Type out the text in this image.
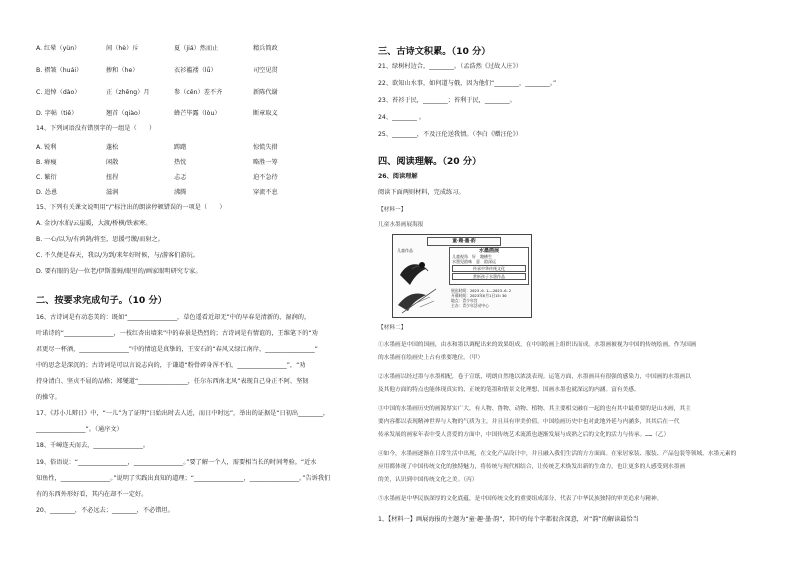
A. 红晕（yùn）	间（hè）斥	夏（jiá）然而止	精兵简政
B. 褶皱（huái）	掺和（he）	衣衫褴褛（lǚ）	司空见贯
C. 追悼（dào）	正（zhēng）月	参（cēn）差不齐	新陈代谢
D. 字帖（tiē）	翘首（qiào）	蜂芒毕露（lòu）	断章取义
14、下列词语没有错别字的一组是（　　）
A. 锐利	蓬松	踌躇	惊慌失措
B. 瘠瘦	闲散	热忱	略胜一筹
C. 繁衍	扭捏	忐忑	迫不急待
D. 怂恿	滋润	沸腾	穿流不息
15、下列有关课文说明用“/”标注出的朗读停顿错误的一项是（　　）
A. 金沙/水拍/云崖暖，大渡/桥横/铁索寒。
B. 一心/以为/有鸿鹄/将至，思援弓缴/而射之。
C. 不久便是春天，我以/为到/来年好时候，与/游客们游玩。
D. 要有眼的是/一位老/伊斯盖姆/眼里的/画家眼明研究专家。
二、按要求完成句子。（10 分）
16、古诗词是有动态美的：既如“________________，草色遥看近却无”中的早春是清新的、湿润的，
叶诺诗的“________________，一枝红杏出墙来”中的春景是热烈的；古诗词是有情谊的，王维笔下的“劝
君更尽一杯酒，________________”中的情谊是真挚的，王安石的“春风又绿江南岸，________________”
中的思念是深沉的；古诗词是可以言说志向的，于谦道“粉骨碎身浑不怕，________________”，“劝
持身清白、坚贞不屈的品格；郑燮道“________________，任尔东西南北风”表现自己身正不阿、坚韧
的操守。
17、《苏小儿辩日》中，“一儿”为了证明“日始出时去人近，而日中时远”，举出的证据是“日初出________，
________________”。（通序文）
18、千嶂连天而去，________________。
19、俗语说：“________________，________________。”要了解一个人，需要相当长的时间考验。“近水
知鱼性，________________。”说明了实践出真知的道理；“________________，________________。”告诉我们
有的东西外形好看，其内在却不一定好。
20、________，不必远去；________，不必错坦。
三、古诗文积累。（10 分）
21、绿树村边合，________。（孟浩然《过故人庄》）
22、欲知山水事，如何道与俄，因为他们“________，________。”
23、苔衫于民，________；苔利于民，________。
24、________ 。
25、________，不及汪伦送我情。（李白《赠汪伦》）
四、阅读理解。（20 分）
26、阅读理解
阅读下面两则材料，完成练习。
【材料一】
儿童水墨画展海报
童·趣·墨·韵
儿童作品	水墨画展
儿童视角　好　趣横生
水墨见韵味　意　韵深远
传承中华传统文化
赏析孩子水墨作品
展出时间：2023.6.1——2023.6.2
开幕时间：2023年6月1日15:30
地点：青少年宫
主办：青少年活动中心
【材料二】
①水墨画是中国的国画，由水和墨以调配出来的效果组成，在中国绘画上组织出而成。水墨画被视为中国的传统绘画，作为国画
的水墨画在绘画史上占有重要地位。（甲）
②水墨画以经过墨与水墨相配，卷于宣纸，明朗自然地以浓淡表现。运笔方面，水墨画具有很强的感染力，中国画的水墨画以
及其他方面的特点也能体现真实的、正统的笔墨和情景文化理想，国画水墨也就深远的内涵。富有美感。
③中国的水墨画历史的画源厚实广大，有人物、鲁物、动物、植物、其主要相交融在一起的也有其中最重要的是山水画，其主
要内容都以表现精神世界与人物的气质为主，并且具有审美价值。中国绘画历史中也对此地外延与内涵多，其其后在一代
传承发展的画家年表中受人喜爱的方面中，中国传统艺术流派也逐渐发展与成熟之后的文化的活力与传承。……（乙）
④如今，水墨画逐渐在日常生活中出现，在文化产品设计中，并且融入我们生活的方方面面。在家居家装、服装、产品包装等领域，水墨元素的
应用都体现了中国传统文化的独特魅力，将传统与现代相结合，让传统艺术焕发出新的生命力，也让更多的人感受到水墨画
的美，认识到中国传统文化之美。（丙）
⑤水墨画是中华民族深厚的文化底蕴，是中国传统文化的重要组成部分，代表了中华民族独特的审美追求与精神。
1、【材料一】画展海报的主题为“童·趣·墨·韵”，其中的每个字都很含深意，对“韵”的解读最恰当
